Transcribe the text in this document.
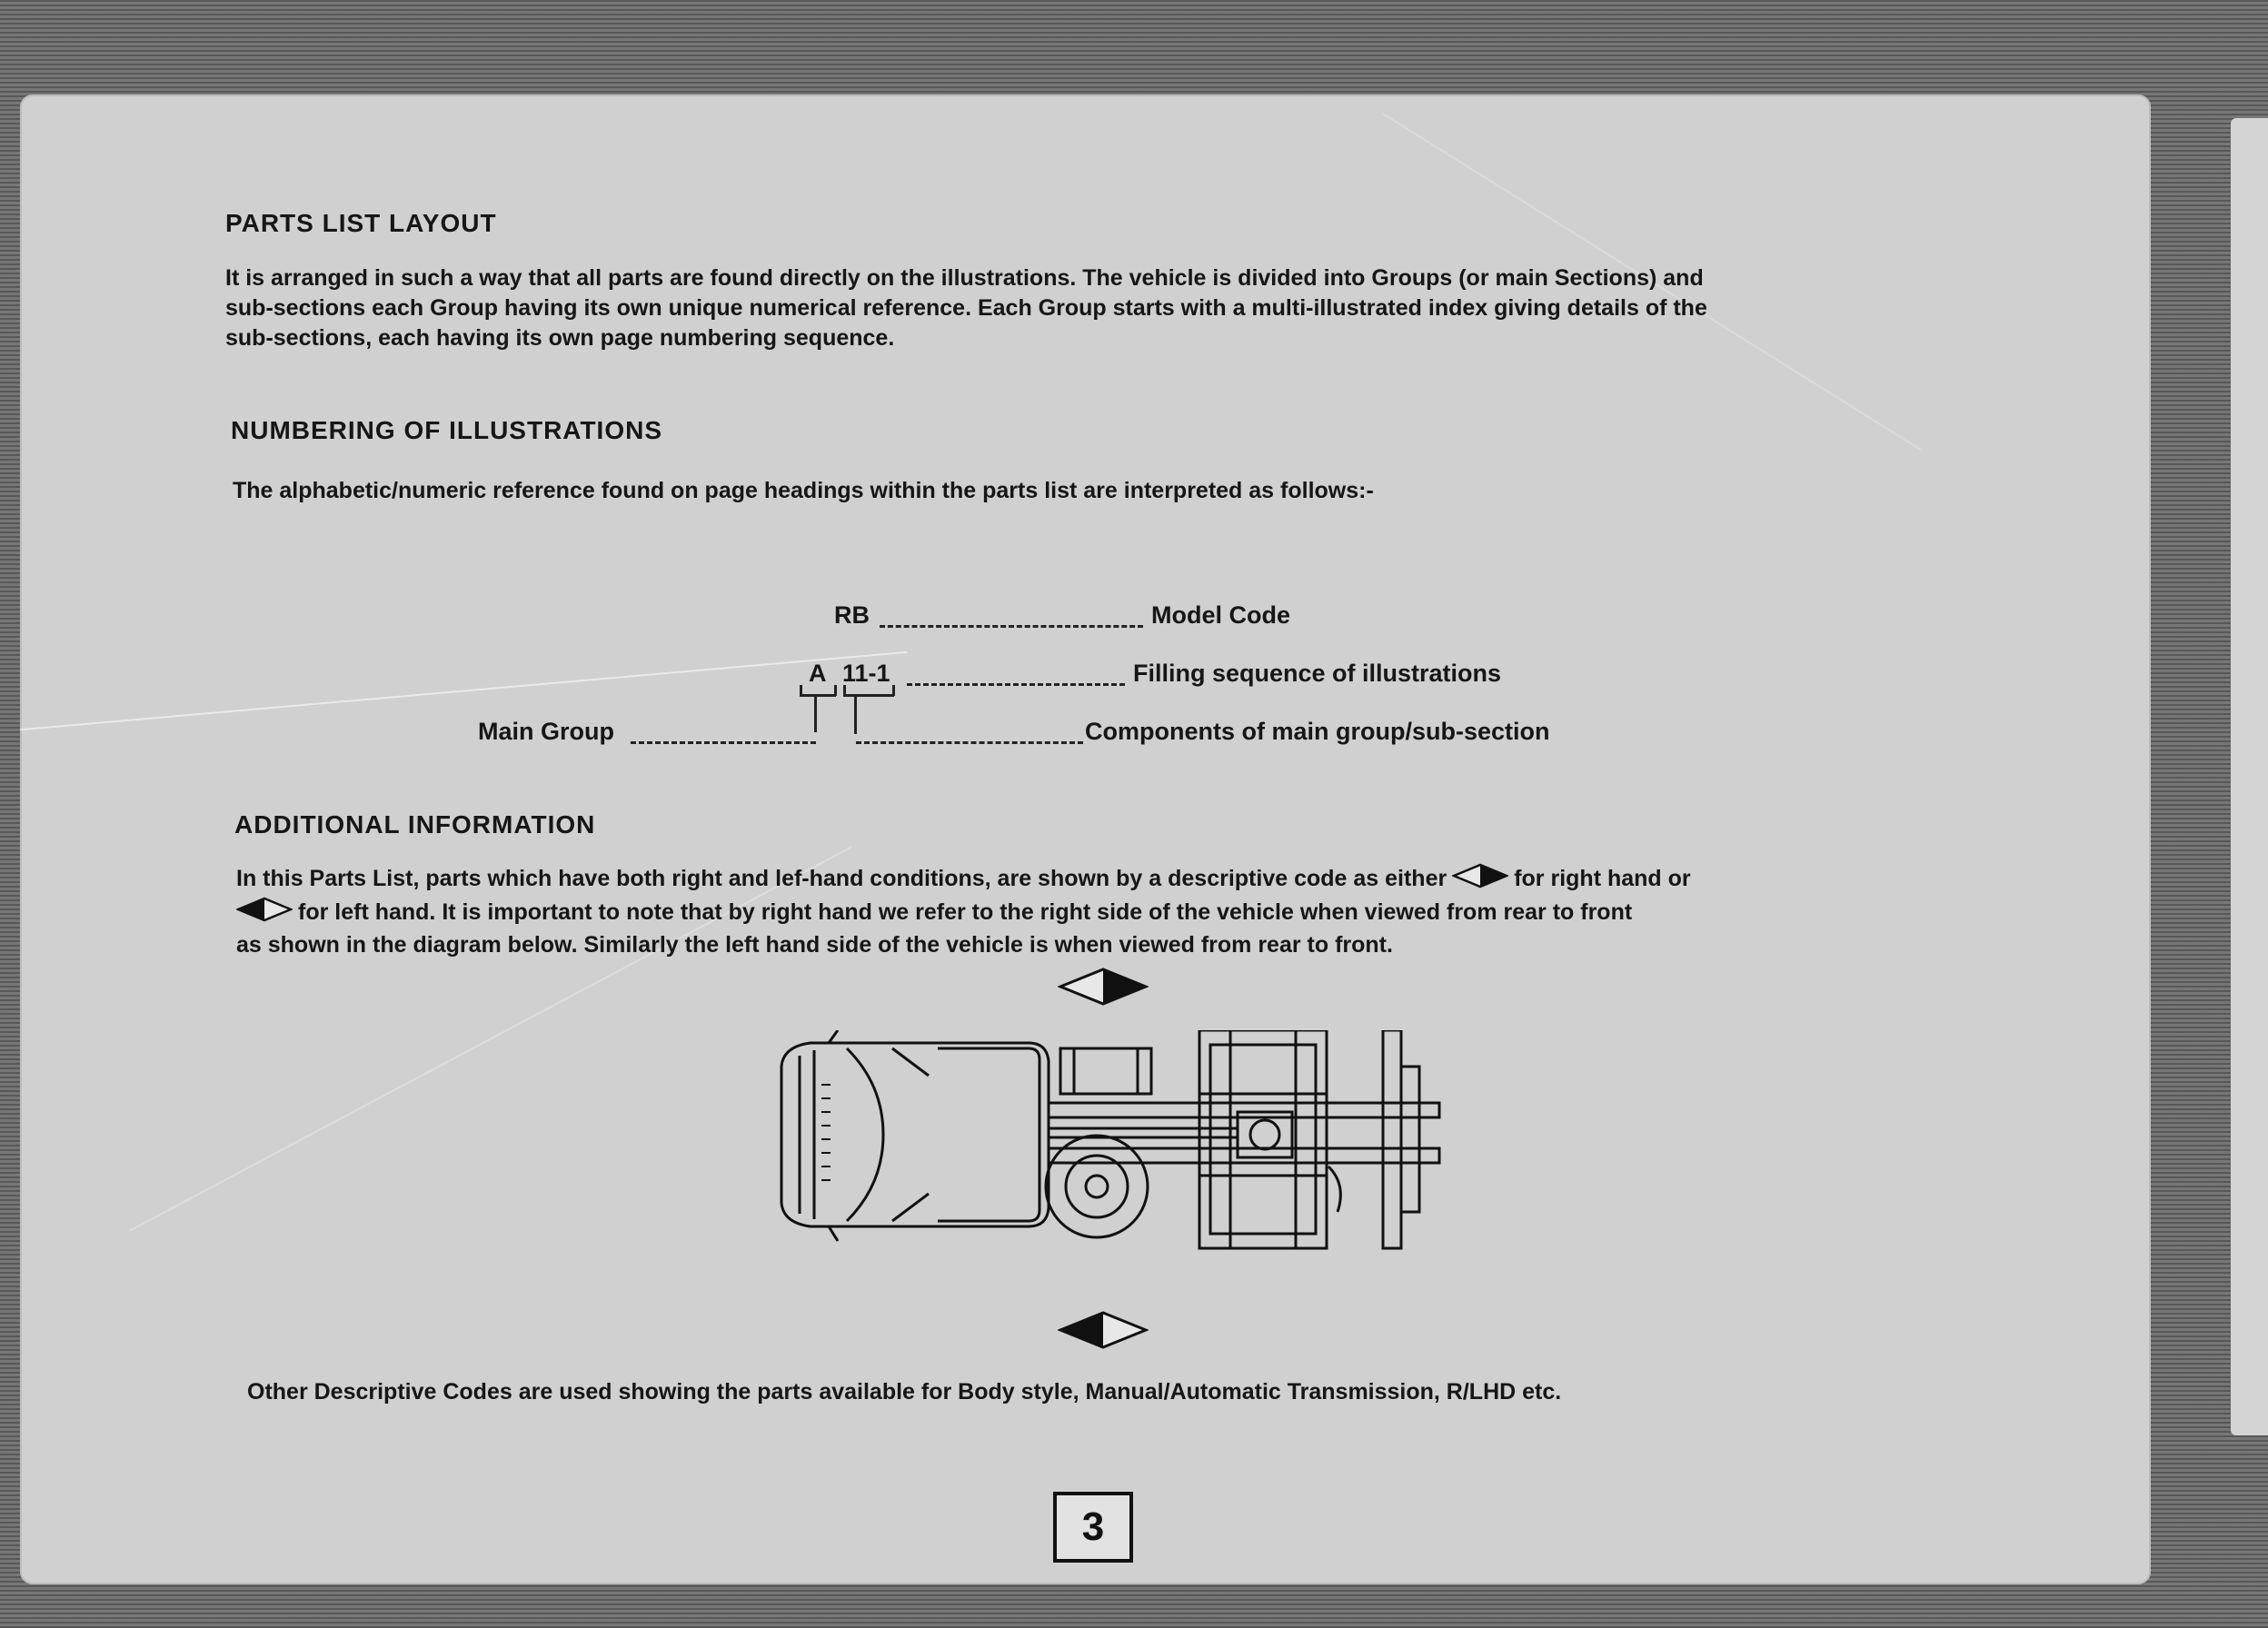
PARTS LIST LAYOUT
It is arranged in such a way that all parts are found directly on the illustrations. The vehicle is divided into Groups (or main Sections) and
sub-sections each Group having its own unique numerical reference. Each Group starts with a multi-illustrated index giving details of the
sub-sections, each having its own page numbering sequence.
NUMBERING OF ILLUSTRATIONS
The alphabetic/numeric reference found on page headings within the parts list are interpreted as follows:-
RB	Model Code
A 11-1	Filling sequence of illustrations
Main Group	Components of main group/sub-section
ADDITIONAL INFORMATION
In this Parts List, parts which have both right and lef-hand conditions, are shown by a descriptive code as either	for right hand or
for left hand. It is important to note that by right hand we refer to the right side of the vehicle when viewed from rear to front
as shown in the diagram below. Similarly the left hand side of the vehicle is when viewed from rear to front.
Other Descriptive Codes are used showing the parts available for Body style, Manual/Automatic Transmission, R/LHD etc.
3
